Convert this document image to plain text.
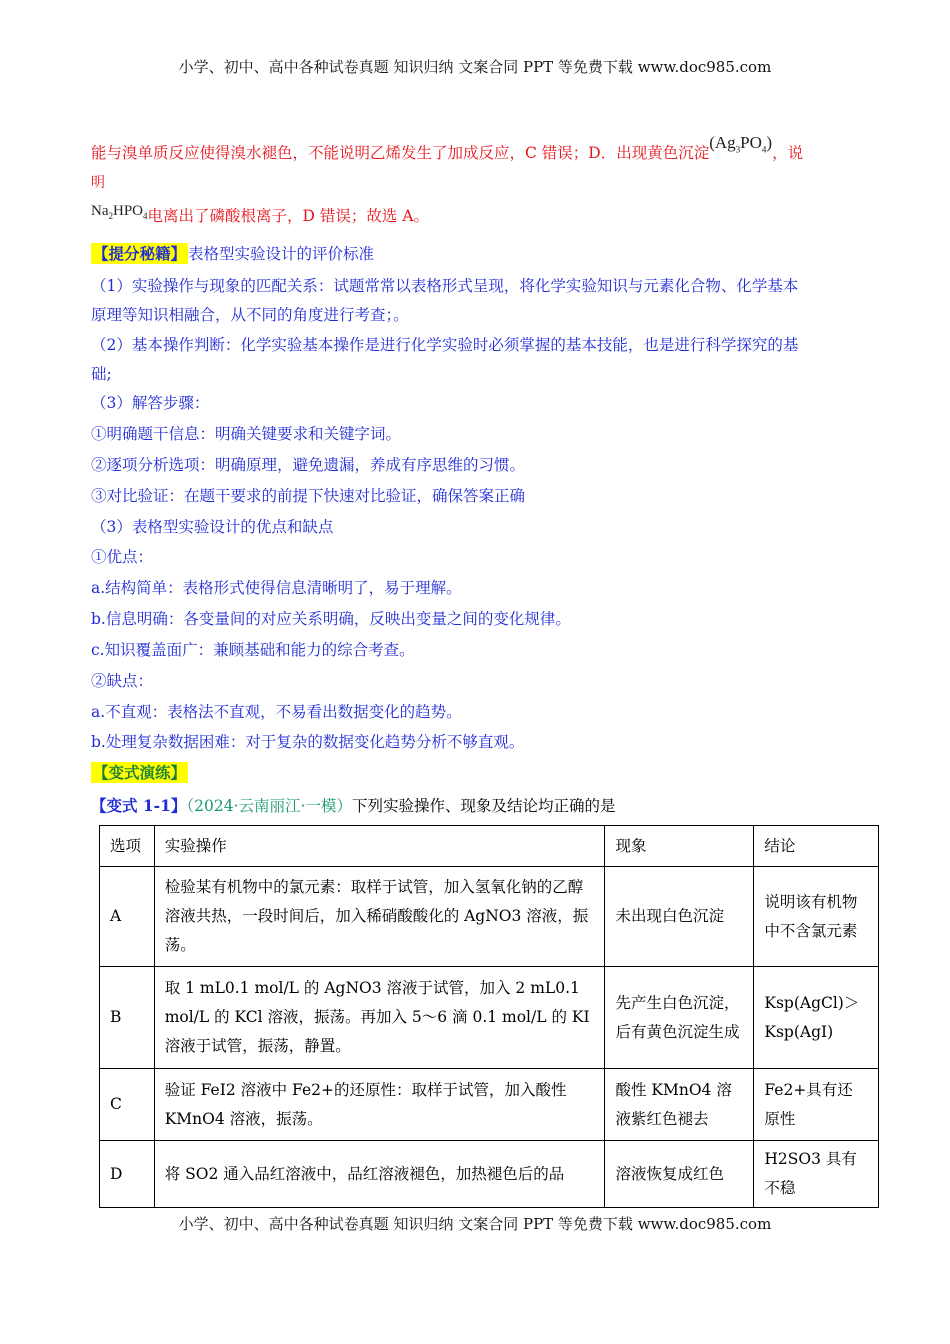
小学、初中、高中各种试卷真题 知识归纳 文案合同 PPT 等免费下载 www.doc985.com
能与溴单质反应使得溴水褪色，不能说明乙烯发生了加成反应，C 错误；D．出现黄色沉淀$(Ag_3PO_4)$，说
明
$Na_2HPO_4$电离出了磷酸根离子，D 错误；故选 A。
【提分秘籍】 表格型实验设计的评价标准
（1）实验操作与现象的匹配关系：试题常常以表格形式呈现，将化学实验知识与元素化合物、化学基本
原理等知识相融合，从不同的角度进行考查；。
（2）基本操作判断：化学实验基本操作是进行化学实验时必须掌握的基本技能，也是进行科学探究的基
础;
（3）解答步骤：
①明确题干信息：明确关键要求和关键字词。
②逐项分析选项：明确原理，避免遗漏，养成有序思维的习惯。
③对比验证：在题干要求的前提下快速对比验证，确保答案正确
（3）表格型实验设计的优点和缺点
①优点：
a.结构简单：表格形式使得信息清晰明了，易于理解。
b.信息明确：各变量间的对应关系明确，反映出变量之间的变化规律。
c.知识覆盖面广：兼顾基础和能力的综合考查。
②缺点：
a.不直观：表格法不直观，不易看出数据变化的趋势。
b.处理复杂数据困难：对于复杂的数据变化趋势分析不够直观。
【变式演练】
【变式 1-1】（2024·云南丽江·一模）下列实验操作、现象及结论均正确的是
选项	实验操作	现象	结论
A	检验某有机物中的氯元素：取样于试管，加入氢氧化钠的乙醇溶液共热，一段时间后，加入稀硝酸酸化的 AgNO3 溶液，振荡。	未出现白色沉淀	说明该有机物中不含氯元素
B	取 1 mL0.1 mol/L 的 AgNO3 溶液于试管，加入 2 mL0.1 mol/L 的 KCl 溶液，振荡。再加入 5～6 滴 0.1 mol/L 的 KI 溶液于试管，振荡，静置。	先产生白色沉淀，后有黄色沉淀生成	Ksp(AgCl)＞Ksp(AgI)
C	验证 FeI2 溶液中 Fe2+的还原性：取样于试管，加入酸性 KMnO4 溶液，振荡。	酸性 KMnO4 溶液紫红色褪去	Fe2+具有还原性
D	将 SO2 通入品红溶液中，品红溶液褪色，加热褪色后的品	溶液恢复成红色	H2SO3 具有不稳
小学、初中、高中各种试卷真题 知识归纳 文案合同 PPT 等免费下载 www.doc985.com
